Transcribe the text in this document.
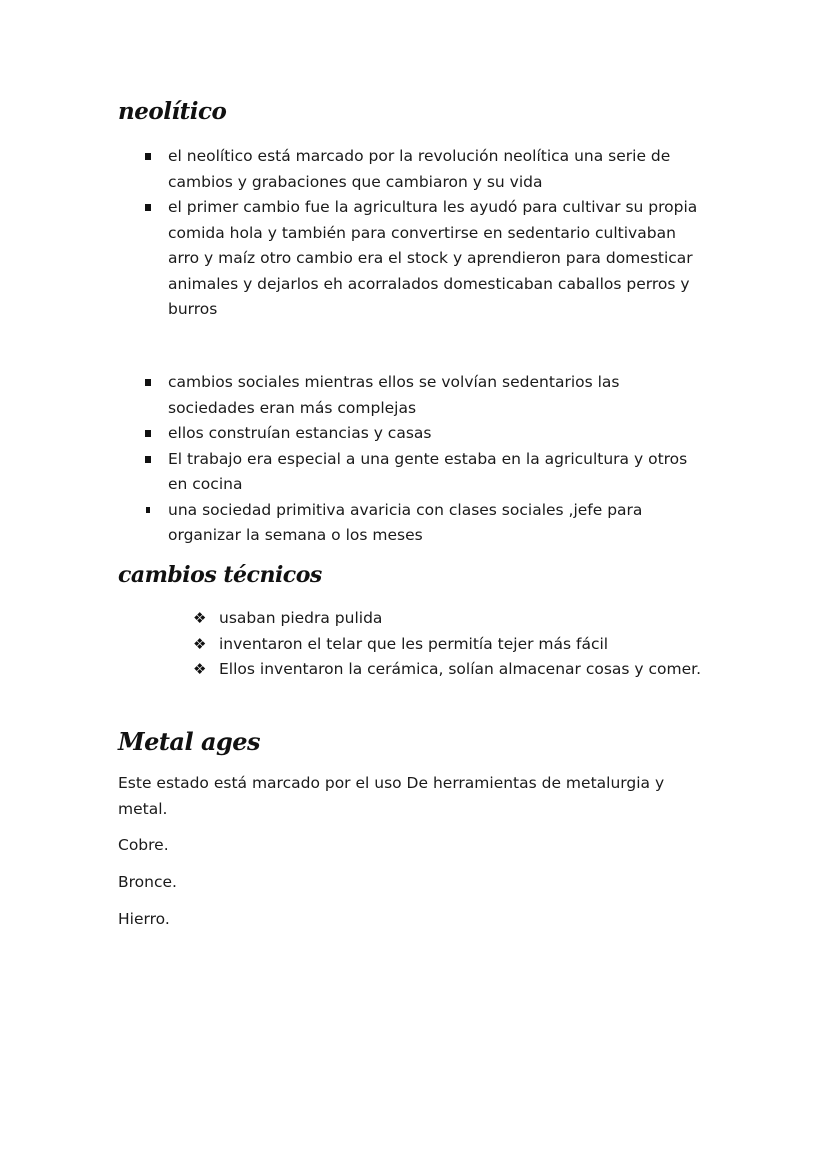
neolítico
el neolítico está marcado por la revolución neolítica una serie de cambios y grabaciones que cambiaron y su vida
el primer cambio fue la agricultura les ayudó para cultivar su propia comida hola y también para convertirse en sedentario cultivaban arro y maíz otro cambio era el stock y aprendieron para domesticar animales y dejarlos eh acorralados domesticaban caballos perros y burros
cambios sociales mientras ellos se volvían sedentarios las sociedades eran más complejas
ellos construían estancias y casas
El trabajo era especial a una gente estaba en la agricultura y otros en cocina
una sociedad primitiva avaricia con clases sociales ,jefe para organizar la semana o los meses
cambios técnicos
❖ usaban piedra pulida
❖ inventaron el telar que les permitía tejer más fácil
❖ Ellos inventaron la cerámica, solían almacenar cosas y comer.
Metal ages

Este estado está marcado por el uso De herramientas de metalurgia y metal.

Cobre.

Bronce.

Hierro.
